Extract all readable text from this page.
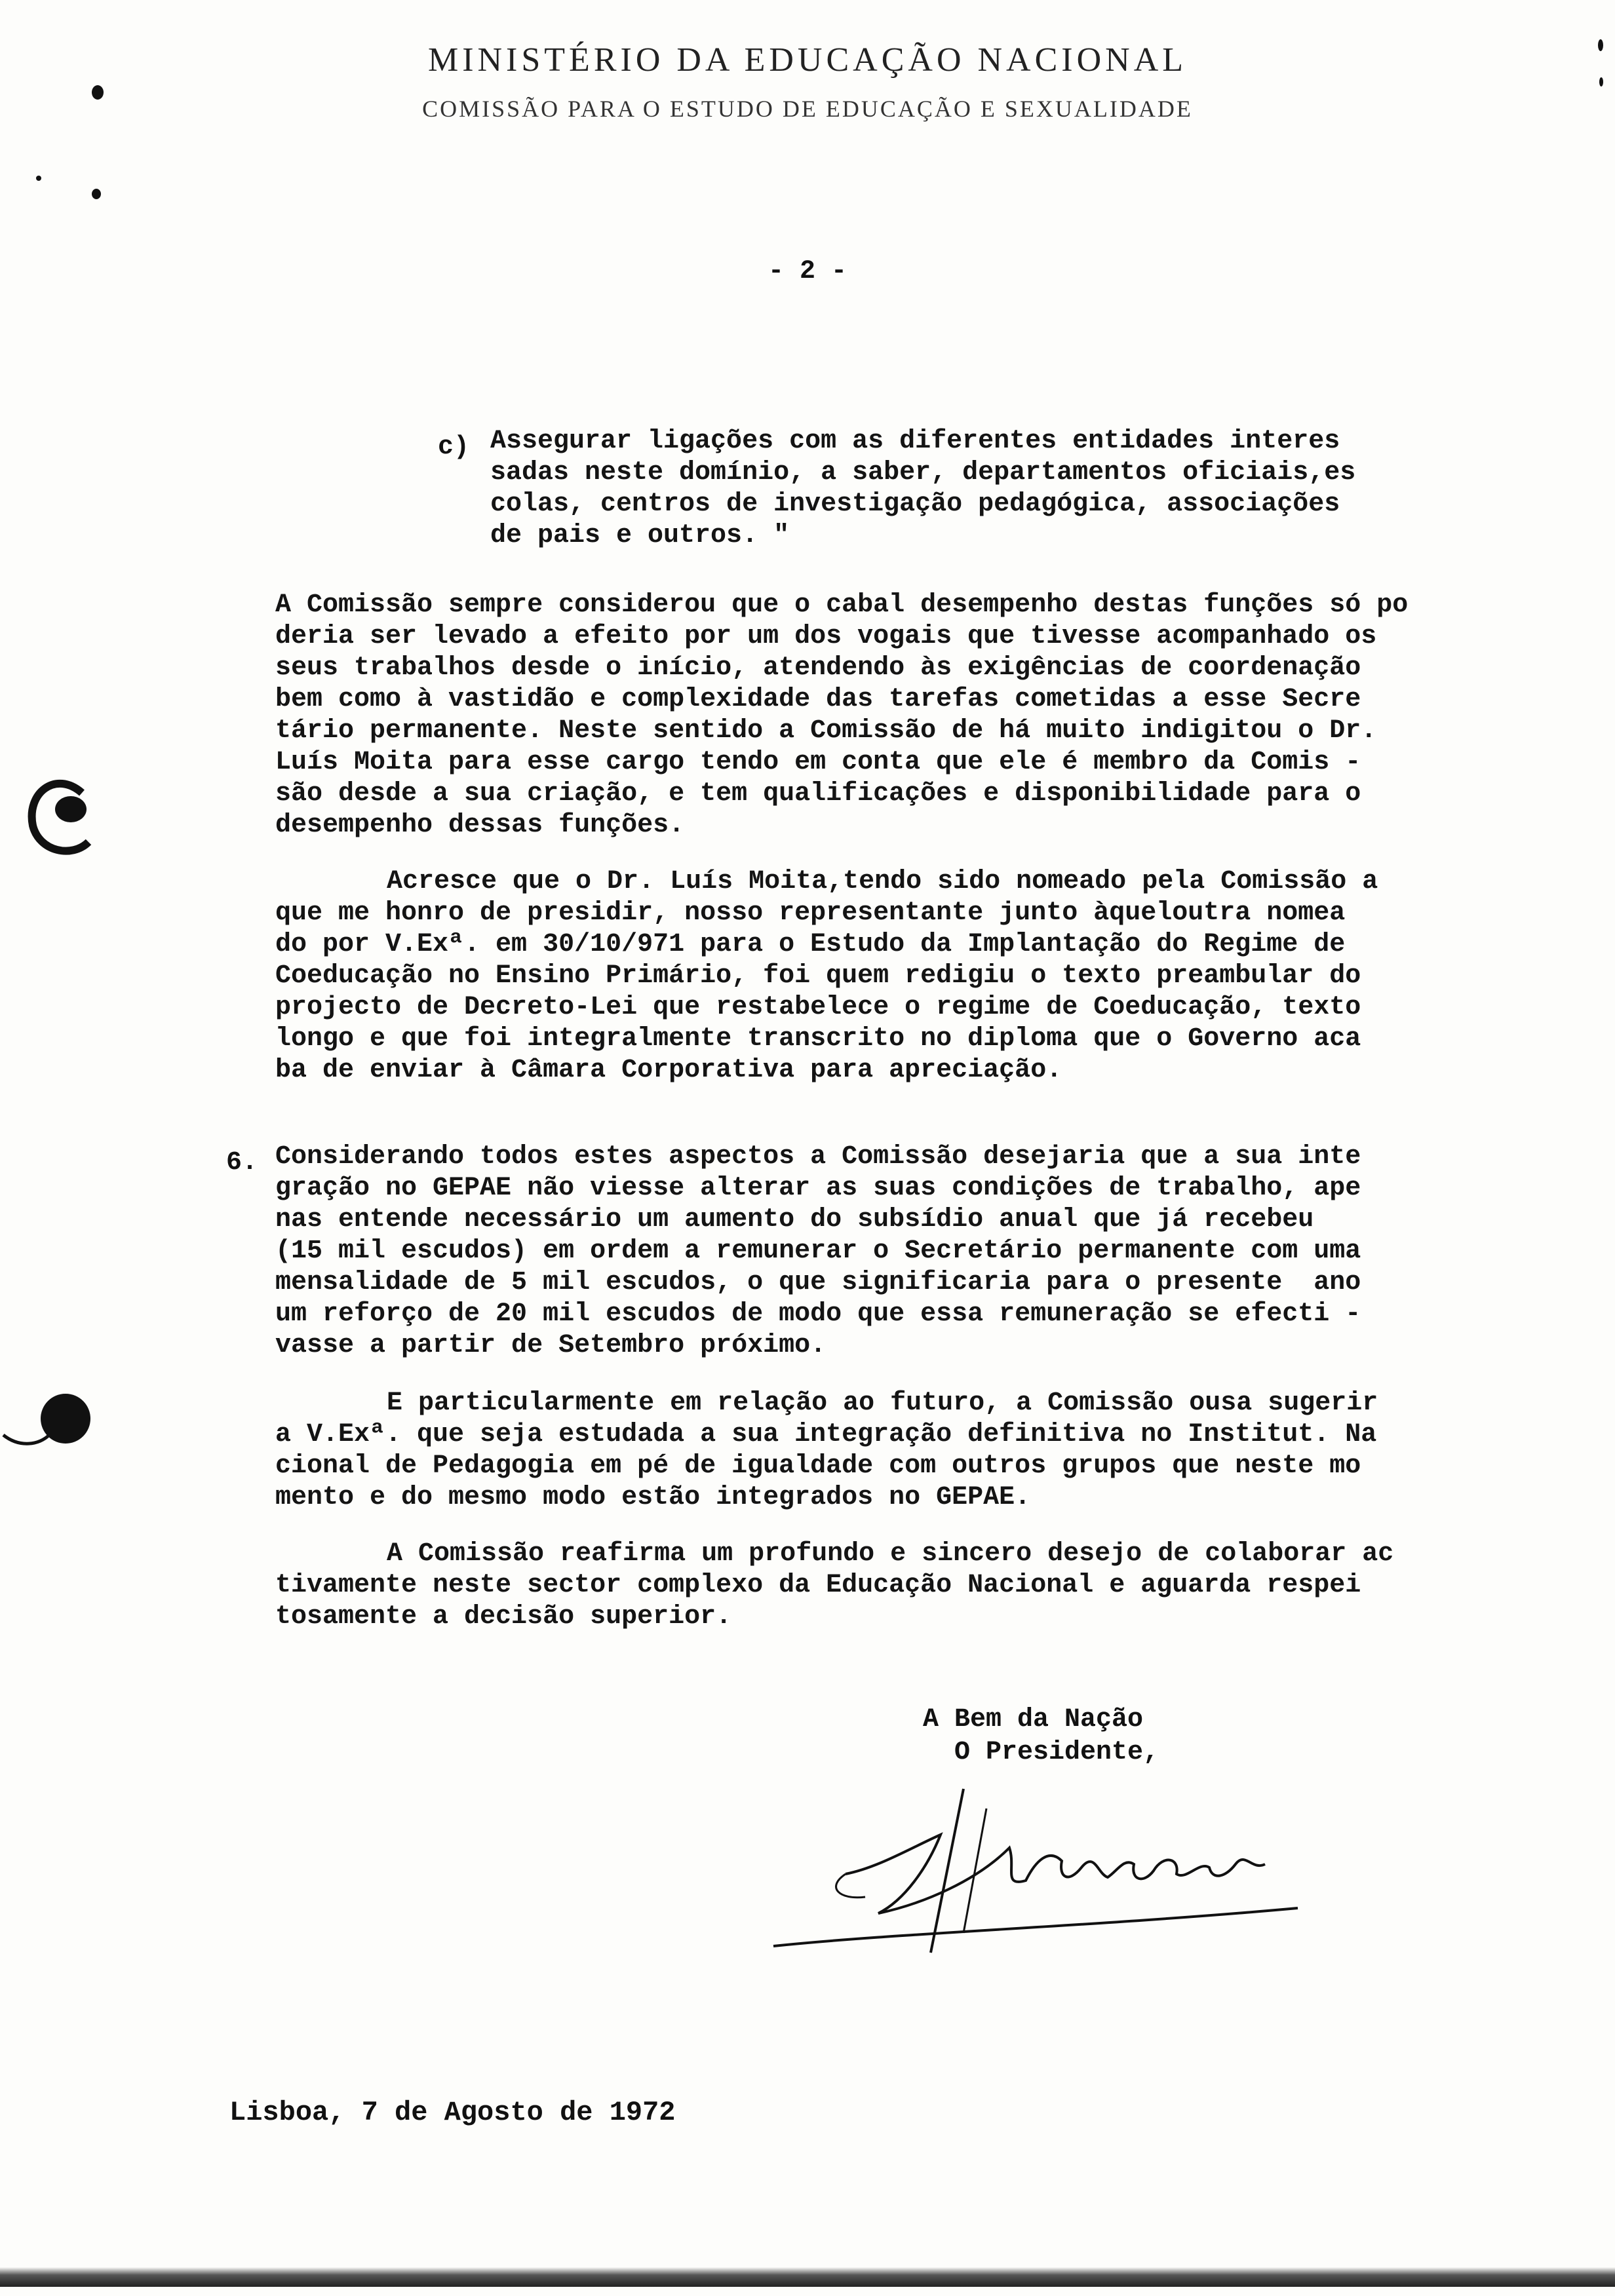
MINISTÉRIO DA EDUCAÇÃO NACIONAL
COMISSÃO PARA O ESTUDO DE EDUCAÇÃO E SEXUALIDADE
- 2 -
c) Assegurar ligações com as diferentes entidades interes
sadas neste domínio, a saber, departamentos oficiais,es
colas, centros de investigação pedagógica, associações
de pais e outros. "
A Comissão sempre considerou que o cabal desempenho destas funções só po
deria ser levado a efeito por um dos vogais que tivesse acompanhado os
seus trabalhos desde o início, atendendo às exigências de coordenação
bem como à vastidão e complexidade das tarefas cometidas a esse Secre
tário permanente. Neste sentido a Comissão de há muito indigitou o Dr.
Luís Moita para esse cargo tendo em conta que ele é membro da Comis -
são desde a sua criação, e tem qualificações e disponibilidade para o
desempenho dessas funções.
Acresce que o Dr. Luís Moita,tendo sido nomeado pela Comissão a
que me honro de presidir, nosso representante junto àqueloutra nomea
do por V.Exª. em 30/10/971 para o Estudo da Implantação do Regime de
Coeducação no Ensino Primário, foi quem redigiu o texto preambular do
projecto de Decreto-Lei que restabelece o regime de Coeducação, texto
longo e que foi integralmente transcrito no diploma que o Governo aca
ba de enviar à Câmara Corporativa para apreciação.
6. Considerando todos estes aspectos a Comissão desejaria que a sua inte
gração no GEPAE não viesse alterar as suas condições de trabalho, ape
nas entende necessário um aumento do subsídio anual que já recebeu
(15 mil escudos) em ordem a remunerar o Secretário permanente com uma
mensalidade de 5 mil escudos, o que significaria para o presente  ano
um reforço de 20 mil escudos de modo que essa remuneração se efecti -
vasse a partir de Setembro próximo.
E particularmente em relação ao futuro, a Comissão ousa sugerir
a V.Exª. que seja estudada a sua integração definitiva no Institut. Na
cional de Pedagogia em pé de igualdade com outros grupos que neste mo
mento e do mesmo modo estão integrados no GEPAE.
A Comissão reafirma um profundo e sincero desejo de colaborar ac
tivamente neste sector complexo da Educação Nacional e aguarda respei
tosamente a decisão superior.
A Bem da Nação
O Presidente,
Lisboa, 7 de Agosto de 1972
